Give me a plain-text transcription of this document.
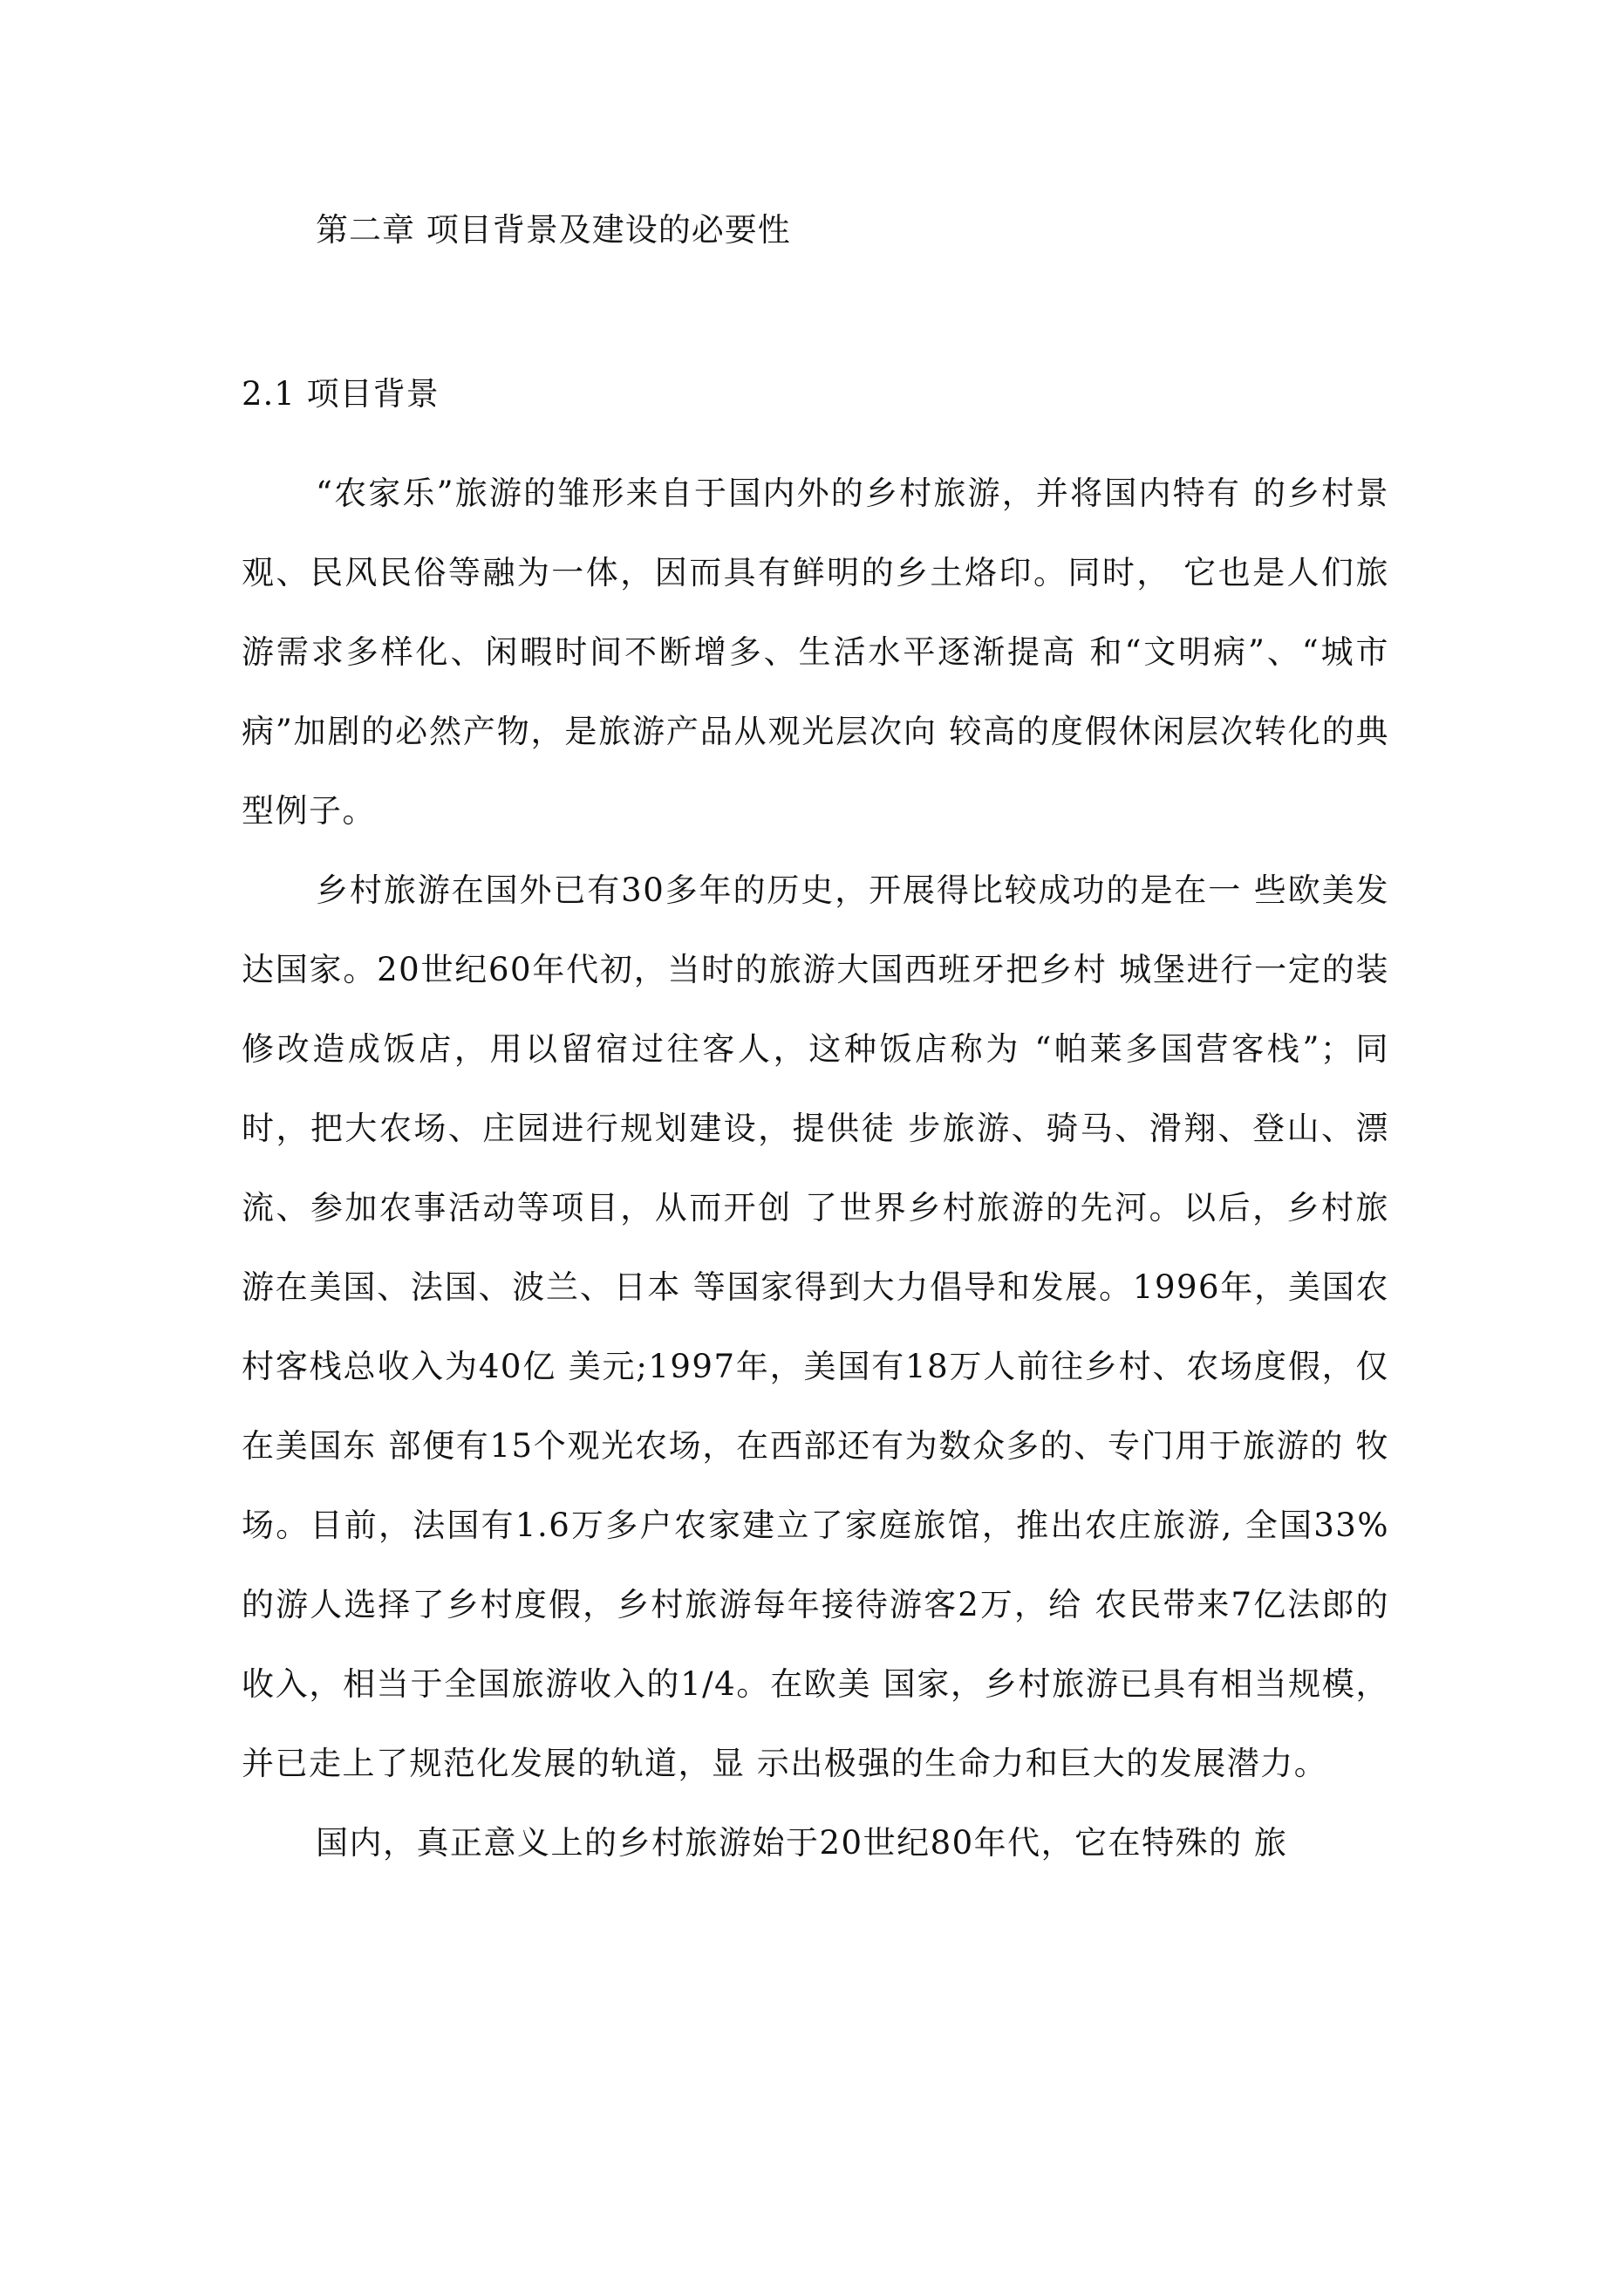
第二章 项目背景及建设的必要性
2.1 项目背景

“农家乐”旅游的雏形来自于国内外的乡村旅游，并将国内特有 的乡村景观、民风民俗等融为一体，因而具有鲜明的乡土烙印。同时， 它也是人们旅游需求多样化、闲暇时间不断增多、生活水平逐渐提高 和“文明病”、“城市病”加剧的必然产物，是旅游产品从观光层次向 较高的度假休闲层次转化的典型例子。

乡村旅游在国外已有30多年的历史，开展得比较成功的是在一 些欧美发达国家。20世纪60年代初，当时的旅游大国西班牙把乡村 城堡进行一定的装修改造成饭店，用以留宿过往客人，这种饭店称为 “帕莱多国营客栈”；同时，把大农场、庄园进行规划建设，提供徒 步旅游、骑马、滑翔、登山、漂流、参加农事活动等项目，从而开创 了世界乡村旅游的先河。以后，乡村旅游在美国、法国、波兰、日本 等国家得到大力倡导和发展。1996年，美国农村客栈总收入为40亿 美元;1997年，美国有18万人前往乡村、农场度假，仅在美国东 部便有15个观光农场，在西部还有为数众多的、专门用于旅游的 牧场。目前，法国有1.6万多户农家建立了家庭旅馆，推出农庄旅游, 全国33%的游人选择了乡村度假，乡村旅游每年接待游客2万，给 农民带来7亿法郎的收入，相当于全国旅游收入的1/4。在欧美 国家，乡村旅游已具有相当规模，并已走上了规范化发展的轨道，显 示出极强的生命力和巨大的发展潜力。

国内，真正意义上的乡村旅游始于20世纪80年代，它在特殊的 旅
